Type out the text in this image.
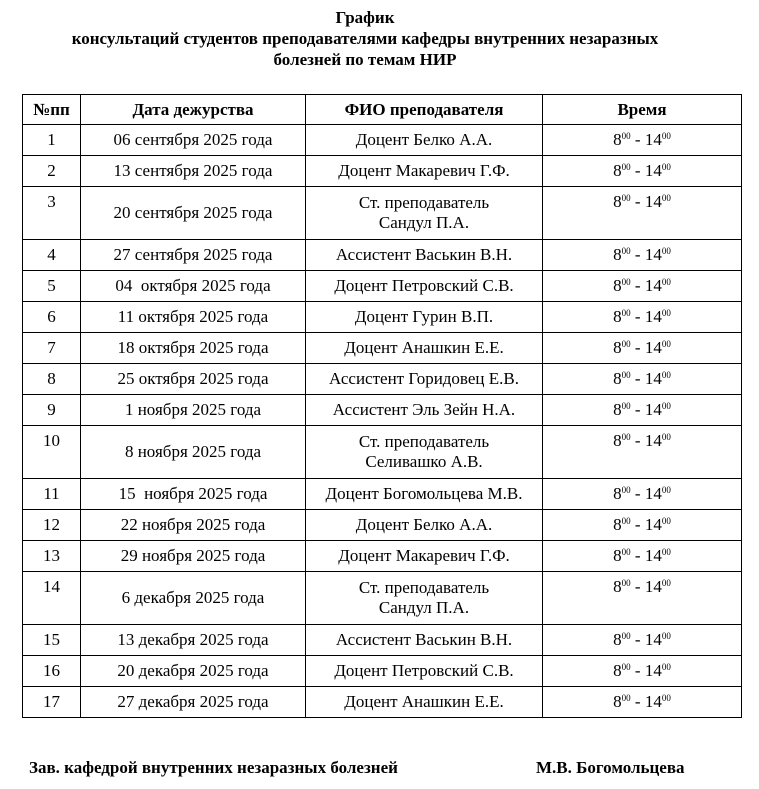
График
консультаций студентов преподавателями кафедры внутренних незаразных
болезней по темам НИР
№пп	Дата дежурства	ФИО преподавателя	Время
1	06 сентября 2025 года	Доцент Белко А.А.	$8^{00} - 14^{00}$
2	13 сентября 2025 года	Доцент Макаревич Г.Ф.	$8^{00} - 14^{00}$
3	20 сентября 2025 года	Ст. преподаватель
Сандул П.А.	$8^{00} - 14^{00}$
4	27 сентября 2025 года	Ассистент Васькин В.Н.	$8^{00} - 14^{00}$
5	04  октября 2025 года	Доцент Петровский С.В.	$8^{00} - 14^{00}$
6	11 октября 2025 года	Доцент Гурин В.П.	$8^{00} - 14^{00}$
7	18 октября 2025 года	Доцент Анашкин Е.Е.	$8^{00} - 14^{00}$
8	25 октября 2025 года	Ассистент Горидовец Е.В.	$8^{00} - 14^{00}$
9	1 ноября 2025 года	Ассистент Эль Зейн Н.А.	$8^{00} - 14^{00}$
10	8 ноября 2025 года	Ст. преподаватель
Селивашко А.В.	$8^{00} - 14^{00}$
11	15  ноября 2025 года	Доцент Богомольцева М.В.	$8^{00} - 14^{00}$
12	22 ноября 2025 года	Доцент Белко А.А.	$8^{00} - 14^{00}$
13	29 ноября 2025 года	Доцент Макаревич Г.Ф.	$8^{00} - 14^{00}$
14	6 декабря 2025 года	Ст. преподаватель
Сандул П.А.	$8^{00} - 14^{00}$
15	13 декабря 2025 года	Ассистент Васькин В.Н.	$8^{00} - 14^{00}$
16	20 декабря 2025 года	Доцент Петровский С.В.	$8^{00} - 14^{00}$
17	27 декабря 2025 года	Доцент Анашкин Е.Е.	$8^{00} - 14^{00}$
Зав. кафедрой внутренних незаразных болезней	М.В. Богомольцева
